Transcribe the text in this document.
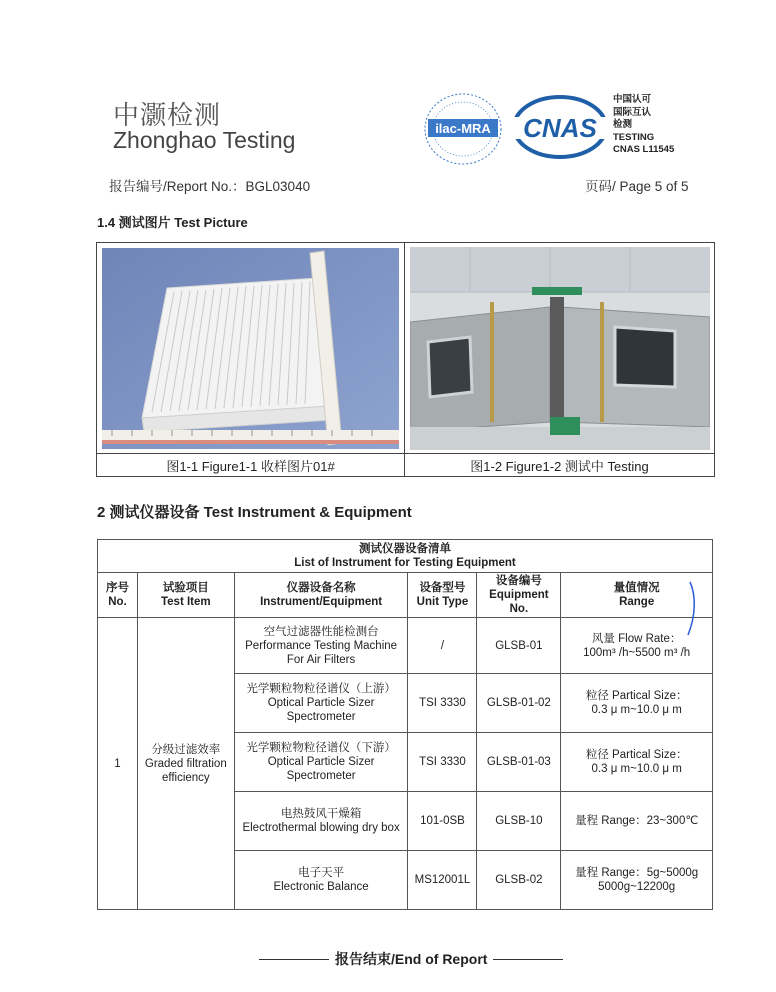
中灏检测
Zhonghao Testing	ilac-MRA CNAS
中国认可
国际互认
检测
TESTING
CNAS L11545
报告编号/Report No.：BGL03040	页码/ Page 5 of 5
1.4 测试图片 Test Picture
图1-1 Figure1-1 收样图片01#	图1-2 Figure1-2 测试中 Testing
2 测试仪器设备 Test Instrument & Equipment
测试仪器设备清单
List of Instrument for Testing Equipment					

序号
No.	试验项目
Test Item	仪器设备名称
Instrument/Equipment	设备型号
Unit Type	设备编号
Equipment No.	量值情况
Range

1	分级过滤效率
Graded filtration efficiency	空气过滤器性能检测台
Performance Testing Machine For Air Filters	/	GLSB-01	风量 Flow Rate：
100m³ /h~5500 m³ /h

		光学颗粒物粒径谱仪（上游）
Optical Particle Sizer Spectrometer	TSI 3330	GLSB-01-02	粒径 Partical Size：
0.3 μ m~10.0 μ m

		光学颗粒物粒径谱仪（下游）
Optical Particle Sizer Spectrometer	TSI 3330	GLSB-01-03	粒径 Partical Size：
0.3 μ m~10.0 μ m

		电热鼓风干燥箱
Electrothermal blowing dry box	101-0SB	GLSB-10	量程 Range：23~300℃

		电子天平
Electronic Balance	MS12001L	GLSB-02	量程 Range：5g~5000g
5000g~12200g
报告结束/End of Report
